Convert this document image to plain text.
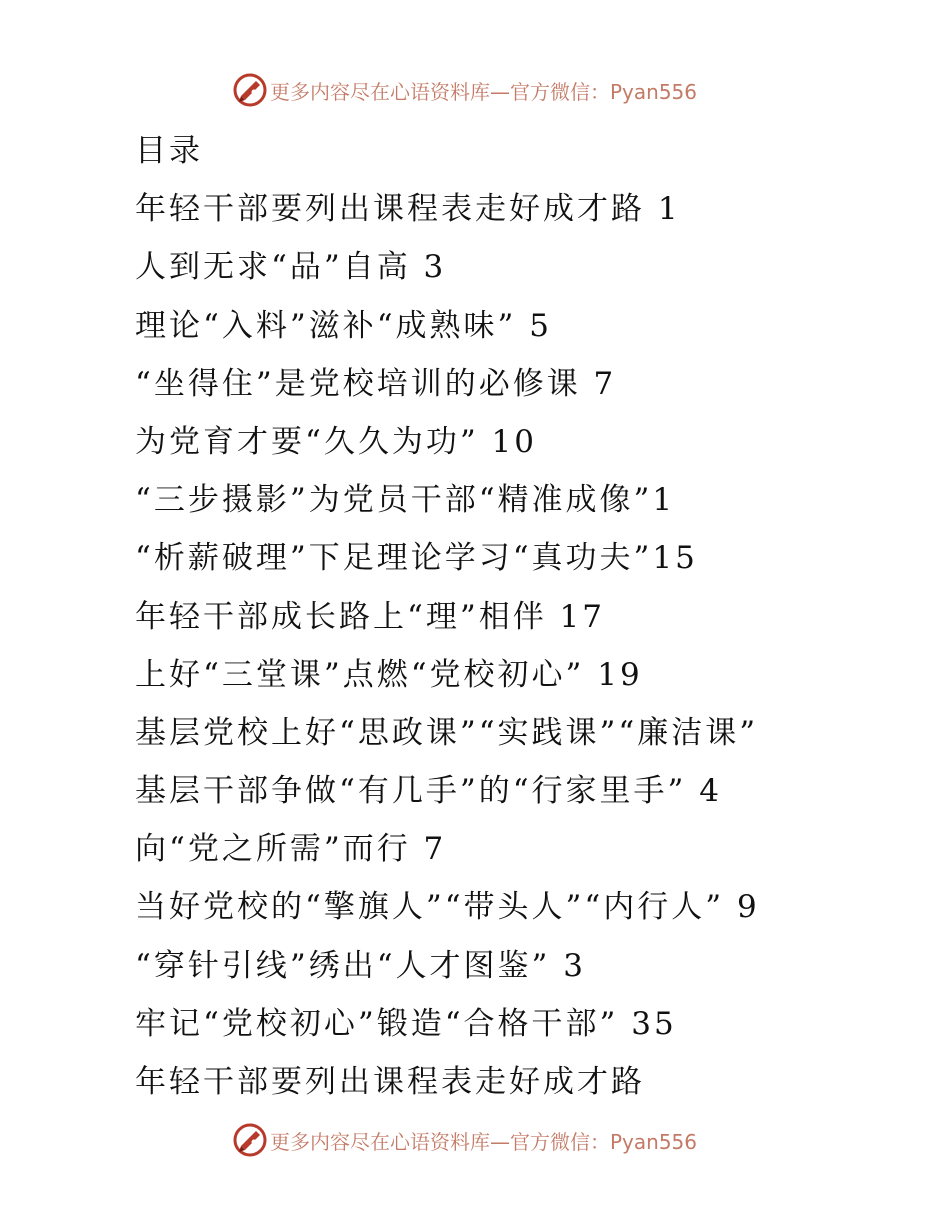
更多内容尽在心语资料库—官方微信：Pyan556
目录
年轻干部要列出课程表走好成才路 1
人到无求“品”自高 3
理论“入料”滋补“成熟味” 5
“坐得住”是党校培训的必修课 7
为党育才要“久久为功” 10
“三步摄影”为党员干部“精准成像”1
“析薪破理”下足理论学习“真功夫”15
年轻干部成长路上“理”相伴 17
上好“三堂课”点燃“党校初心” 19
基层党校上好“思政课”“实践课”“廉洁课”
基层干部争做“有几手”的“行家里手” 4
向“党之所需”而行 7
当好党校的“擎旗人”“带头人”“内行人” 9
“穿针引线”绣出“人才图鉴” 3
牢记“党校初心”锻造“合格干部” 35
年轻干部要列出课程表走好成才路
更多内容尽在心语资料库—官方微信：Pyan556
